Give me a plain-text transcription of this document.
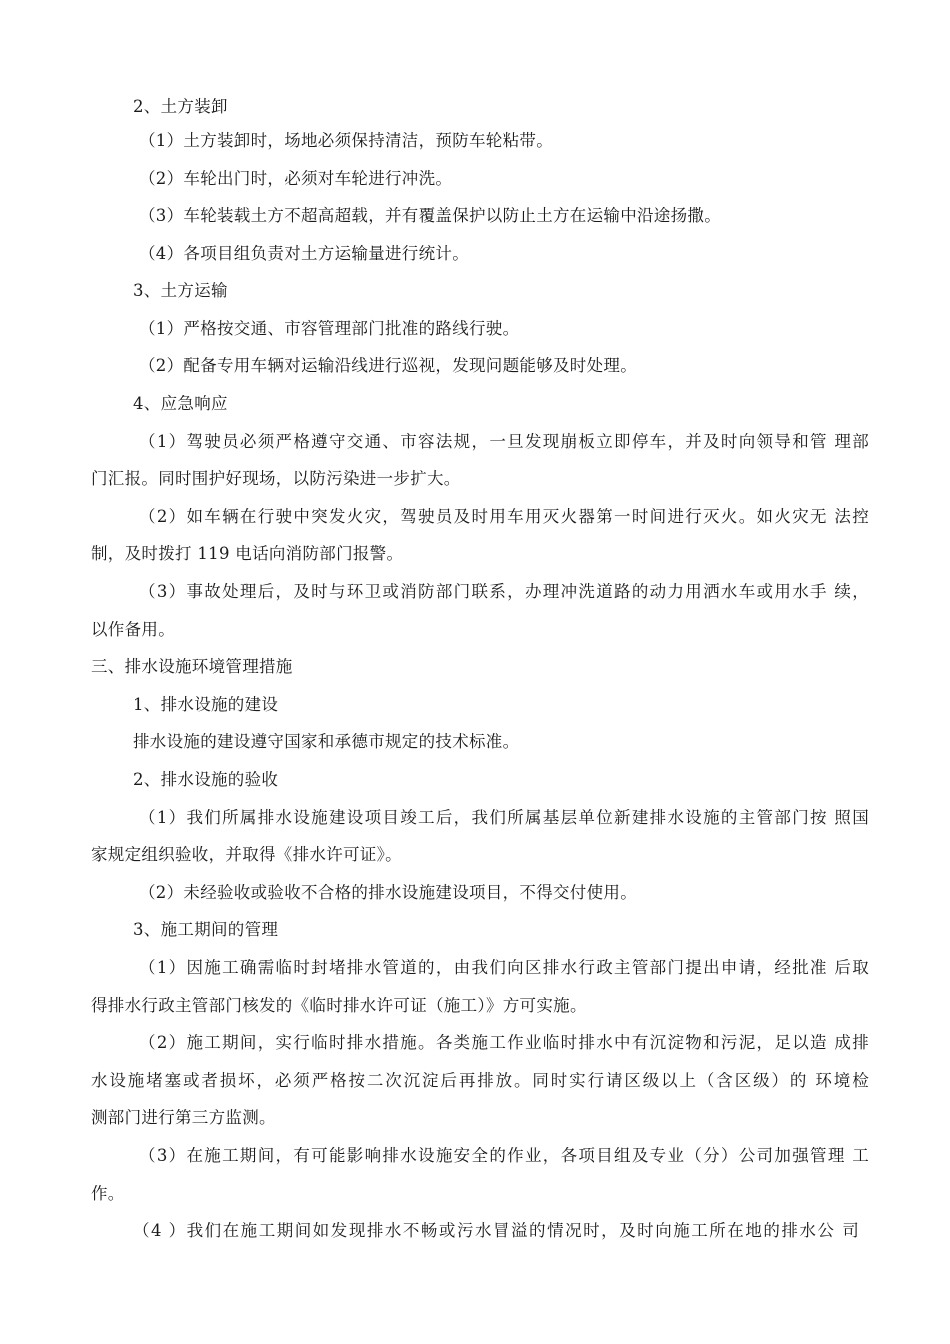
2、土方装卸
（1）土方装卸时，场地必须保持清洁，预防车轮粘带。
（2）车轮出门时，必须对车轮进行冲洗。
（3）车轮装载土方不超高超载，并有覆盖保护以防止土方在运输中沿途扬撒。
（4）各项目组负责对土方运输量进行统计。
3、土方运输
（1）严格按交通、市容管理部门批准的路线行驶。
（2）配备专用车辆对运输沿线进行巡视，发现问题能够及时处理。
4、应急响应
（1）驾驶员必须严格遵守交通、市容法规，一旦发现崩板立即停车，并及时向领导和管 理部
门汇报。同时围护好现场，以防污染进一步扩大。
（2）如车辆在行驶中突发火灾，驾驶员及时用车用灭火器第一时间进行灭火。如火灾无 法控
制，及时拨打 119 电话向消防部门报警。
（3）事故处理后，及时与环卫或消防部门联系，办理冲洗道路的动力用洒水车或用水手 续，
以作备用。
三、排水设施环境管理措施
1、排水设施的建设
排水设施的建设遵守国家和承德市规定的技术标准。
2、排水设施的验收
（1）我们所属排水设施建设项目竣工后，我们所属基层单位新建排水设施的主管部门按 照国
家规定组织验收，并取得《排水许可证》。
（2）未经验收或验收不合格的排水设施建设项目，不得交付使用。
3、施工期间的管理
（1）因施工确需临时封堵排水管道的，由我们向区排水行政主管部门提出申请，经批准 后取
得排水行政主管部门核发的《临时排水许可证（施工）》方可实施。
（2）施工期间，实行临时排水措施。各类施工作业临时排水中有沉淀物和污泥，足以造 成排
水设施堵塞或者损坏，必须严格按二次沉淀后再排放。同时实行请区级以上（含区级）的 环境检
测部门进行第三方监测。
（3）在施工期间，有可能影响排水设施安全的作业，各项目组及专业（分）公司加强管理 工
作。
（4 ）我们在施工期间如发现排水不畅或污水冒溢的情况时，及时向施工所在地的排水公 司
